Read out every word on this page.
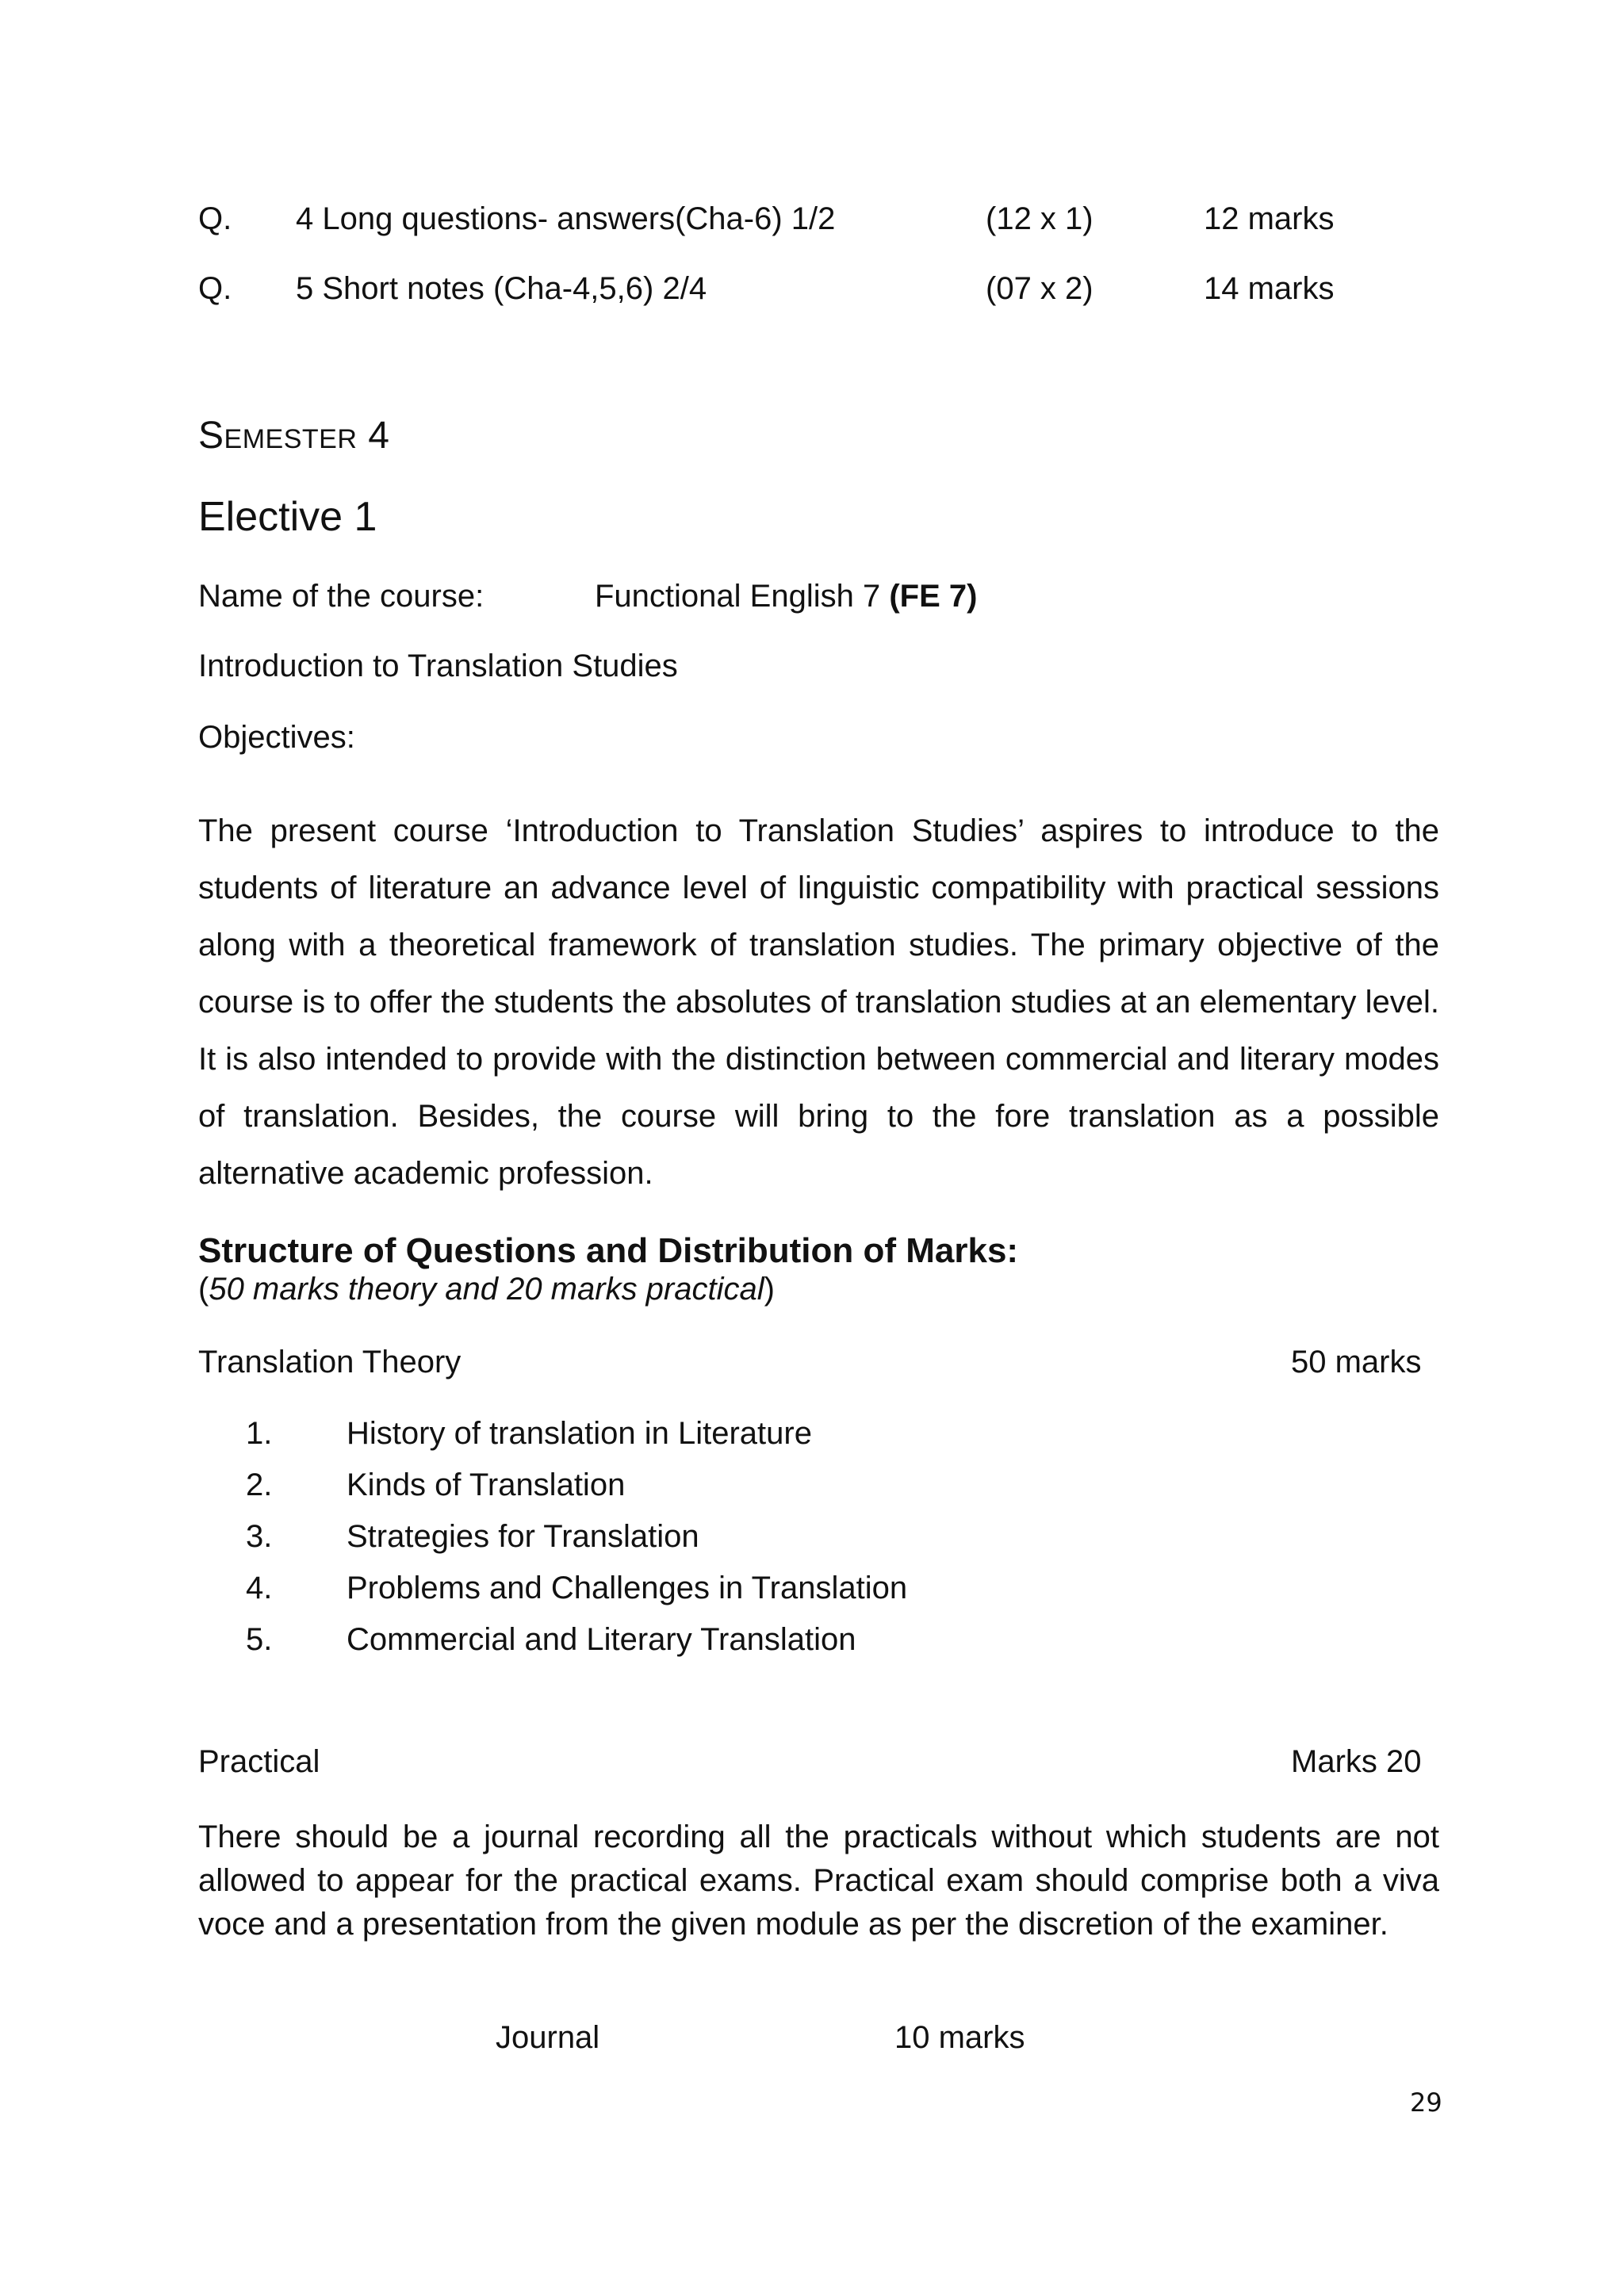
Q. 4 Long questions- answers(Cha-6) 1/2	(12 x 1)	12 marks
Q. 5 Short notes (Cha-4,5,6) 2/4	(07 x 2)	14 marks
Semester 4
Elective 1
Name of the course:	Functional English 7 (FE 7)
Introduction to Translation Studies
Objectives:

The present course ‘Introduction to Translation Studies’ aspires to introduce to the students of literature an advance level of linguistic compatibility with practical sessions along with a theoretical framework of translation studies. The primary objective of the course is to offer the students the absolutes of translation studies at an elementary level. It is also intended to provide with the distinction between commercial and literary modes of translation. Besides, the course will bring to the fore translation as a possible alternative academic profession.

Structure of Questions and Distribution of Marks:
(50 marks theory and 20 marks practical)
Translation Theory	50 marks
1. History of translation in Literature
2. Kinds of Translation
3. Strategies for Translation
4. Problems and Challenges in Translation
5. Commercial and Literary Translation
Practical	Marks 20

There should be a journal recording all the practicals without which students are not allowed to appear for the practical exams. Practical exam should comprise both a viva voce and a presentation from the given module as per the discretion of the examiner.

Journal	10 marks
29
